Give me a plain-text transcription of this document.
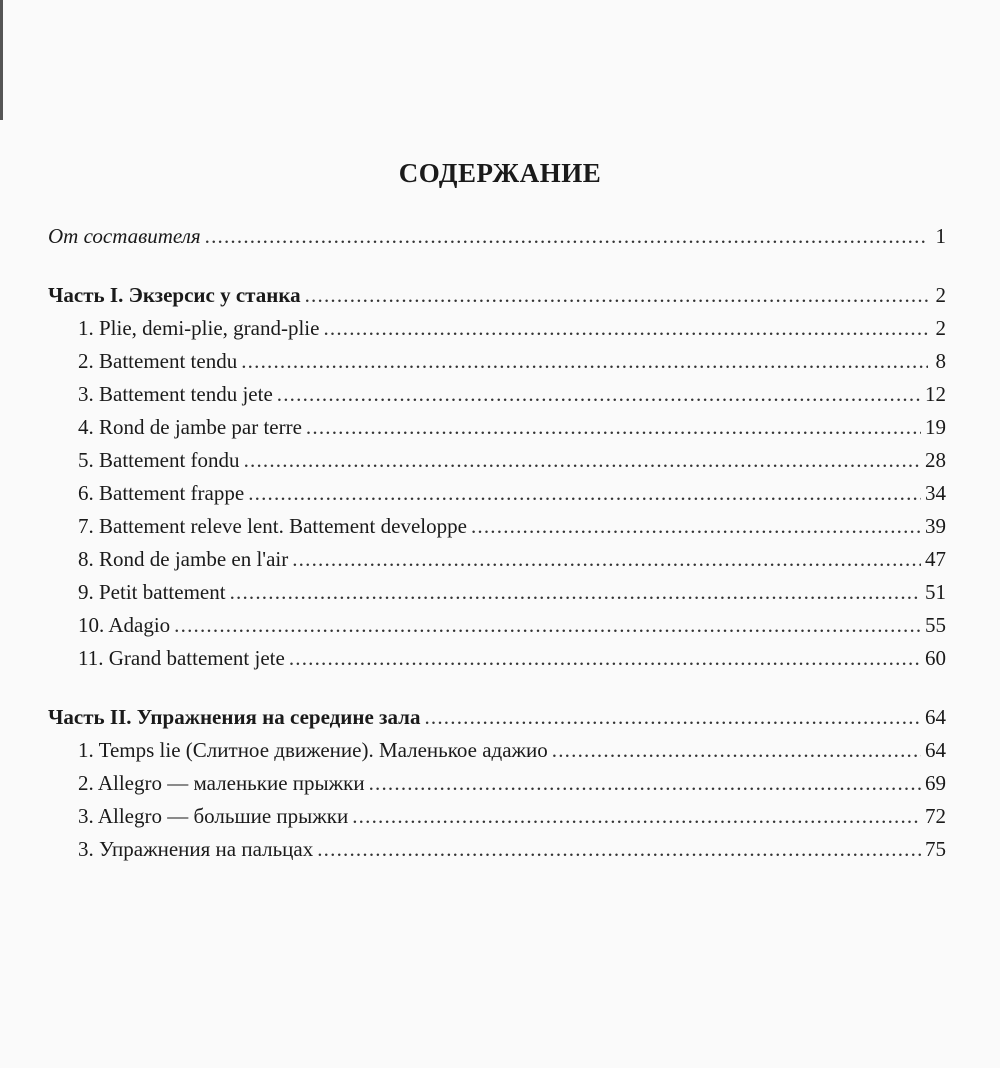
СОДЕРЖАНИЕ
От составителя .....	1
Часть I. Экзерсис у станка .....	2
1. Plie, demi-plie, grand-plie .....	2
2. Battement tendu .....	8
3. Battement tendu jete .....	12
4. Rond de jambe par terre .....	19
5. Battement fondu .....	28
6. Battement frappe .....	34
7. Battement releve lent. Battement developpe .....	39
8. Rond de jambe en l'air .....	47
9. Petit battement .....	51
10. Adagio .....	55
11. Grand battement jete .....	60
Часть II. Упражнения на середине зала .....	64
1. Temps lie (Слитное движение). Маленькое адажио .....	64
2. Allegro — маленькие прыжки .....	69
3. Allegro — большие прыжки .....	72
3. Упражнения на пальцах .....	75
